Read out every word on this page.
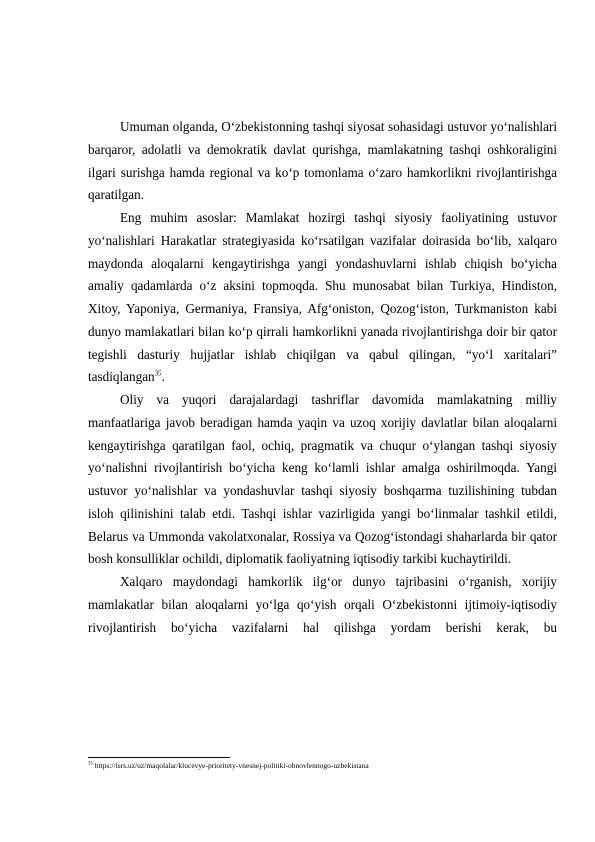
Umuman olganda, O‘zbekistonning tashqi siyosat sohasidagi ustuvor yo‘nalishlari barqaror, adolatli va demokratik davlat qurishga, mamlakatning tashqi oshkoraligini ilgari surishga hamda regional va ko‘p tomonlama o‘zaro hamkorlikni rivojlantirishga qaratilgan.

Eng muhim asoslar: Mamlakat hozirgi tashqi siyosiy faoliyatining ustuvor yo‘nalishlari Harakatlar strategiyasida ko‘rsatilgan vazifalar doirasida bo‘lib, xalqaro maydonda aloqalarni kengaytirishga yangi yondashuvlarni ishlab chiqish bo‘yicha amaliy qadamlarda o‘z aksini topmoqda. Shu munosabat bilan Turkiya, Hindiston, Xitoy, Yaponiya, Germaniya, Fransiya, Afg‘oniston, Qozog‘iston, Turkmaniston kabi dunyo mamlakatlari bilan ko‘p qirrali hamkorlikni yanada rivojlantirishga doir bir qator tegishli dasturiy hujjatlar ishlab chiqilgan va qabul qilingan, “yo‘l xaritalari” tasdiqlangan$^{35}$.

Oliy va yuqori darajalardagi tashriflar davomida mamlakatning milliy manfaatlariga javob beradigan hamda yaqin va uzoq xorijiy davlatlar bilan aloqalarni kengaytirishga qaratilgan faol, ochiq, pragmatik va chuqur o‘ylangan tashqi siyosiy yo‘nalishni rivojlantirish bo‘yicha keng ko‘lamli ishlar amalga oshirilmoqda. Yangi ustuvor yo‘nalishlar va yondashuvlar tashqi siyosiy boshqarma tuzilishining tubdan isloh qilinishini talab etdi. Tashqi ishlar vazirligida yangi bo‘linmalar tashkil etildi, Belarus va Ummonda vakolatxonalar, Rossiya va Qozog‘istondagi shaharlarda bir qator bosh konsulliklar ochildi, diplomatik faoliyatning iqtisodiy tarkibi kuchaytirildi.

Xalqaro maydondagi hamkorlik ilg‘or dunyo tajribasini o‘rganish, xorijiy mamlakatlar bilan aloqalarni yo‘lga qo‘yish orqali O‘zbekistonni ijtimoiy-iqtisodiy rivojlantirish bo‘yicha vazifalarni hal qilishga yordam berishi kerak, bu

$^{35}$ https://isrs.uz/uz/maqolalar/klucevye-prioritety-vnesnej-politiki-obnovlennogo-uzbekistana
